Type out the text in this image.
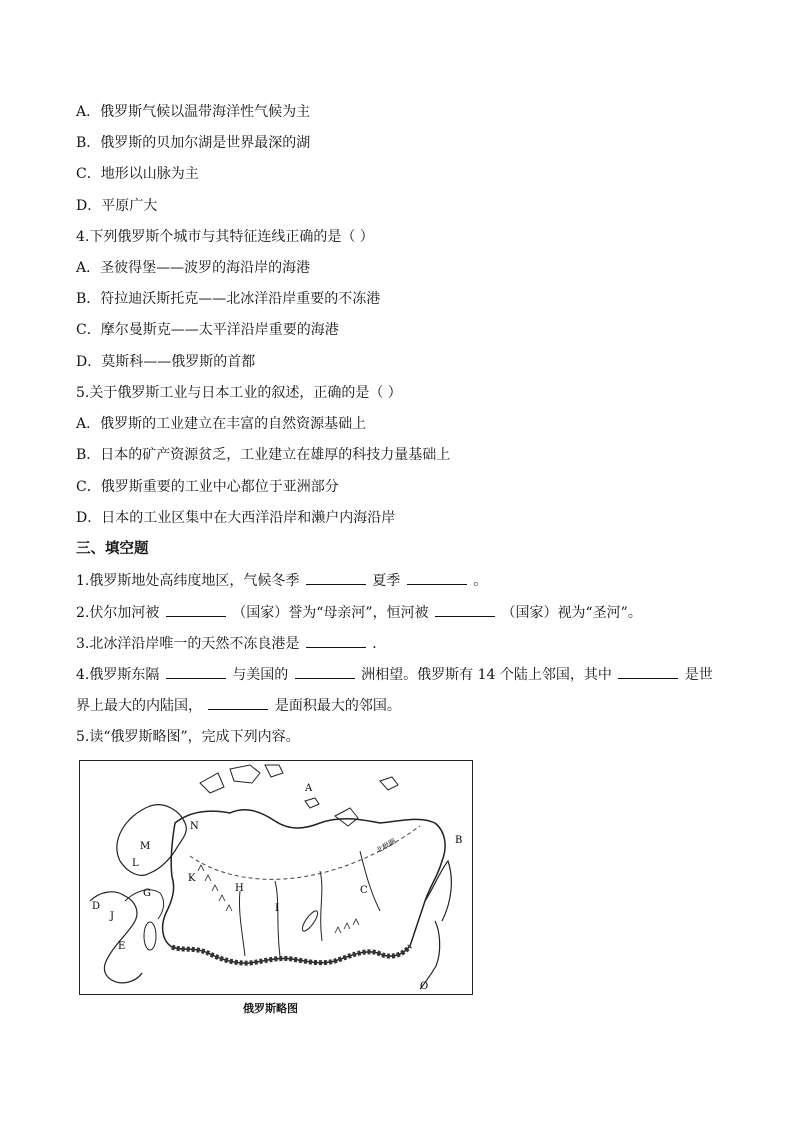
A．俄罗斯气候以温带海洋性气候为主
B．俄罗斯的贝加尔湖是世界最深的湖
C．地形以山脉为主
D．平原广大
4.下列俄罗斯个城市与其特征连线正确的是（ ）
A．圣彼得堡——波罗的海沿岸的海港
B．符拉迪沃斯托克——北冰洋沿岸重要的不冻港
C．摩尔曼斯克——太平洋沿岸重要的海港
D．莫斯科——俄罗斯的首都
5.关于俄罗斯工业与日本工业的叙述，正确的是（ ）
A．俄罗斯的工业建立在丰富的自然资源基础上
B．日本的矿产资源贫乏，工业建立在雄厚的科技力量基础上
C．俄罗斯重要的工业中心都位于亚洲部分
D．日本的工业区集中在大西洋沿岸和濑户内海沿岸
三、填空题
1.俄罗斯地处高纬度地区，气候冬季	夏季	。
2.伏尔加河被	（国家）誉为“母亲河”，恒河被	（国家）视为“圣河”。
3.北冰洋沿岸唯一的天然不冻良港是	．
4.俄罗斯东隔	与美国的	洲相望。俄罗斯有 14 个陆上邻国，其中	是世
界上最大的内陆国，	是面积最大的邻国。
5.读“俄罗斯略图”，完成下列内容。
北极圈
A
B
C
D
E
G	H
I
J
K
L
M
N
O
俄罗斯略图
